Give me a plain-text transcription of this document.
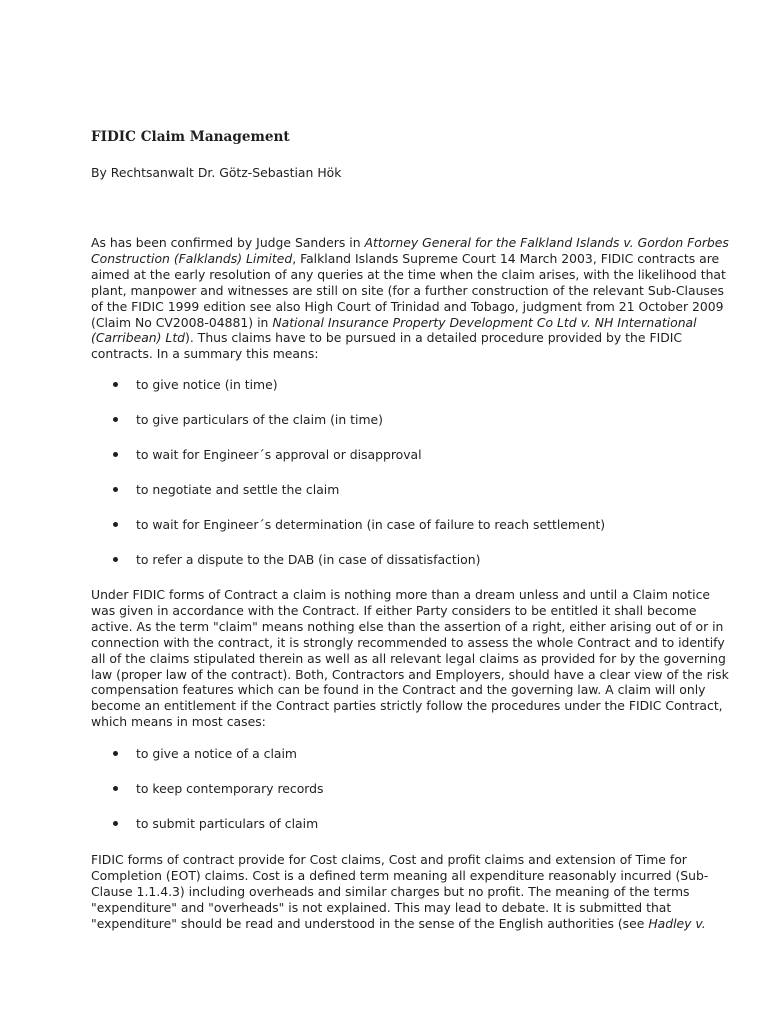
FIDIC Claim Management

By Rechtsanwalt Dr. Götz-Sebastian Hök

As has been confirmed by Judge Sanders in Attorney General for the Falkland Islands v. Gordon Forbes
Construction (Falklands) Limited, Falkland Islands Supreme Court 14 March 2003, FIDIC contracts are
aimed at the early resolution of any queries at the time when the claim arises, with the likelihood that
plant, manpower and witnesses are still on site (for a further construction of the relevant Sub-Clauses
of the FIDIC 1999 edition see also High Court of Trinidad and Tobago, judgment from 21 October 2009
(Claim No CV2008-04881) in National Insurance Property Development Co Ltd v. NH International
(Carribean) Ltd). Thus claims have to be pursued in a detailed procedure provided by the FIDIC
contracts. In a summary this means:

to give notice (in time)
to give particulars of the claim (in time)
to wait for Engineer´s approval or disapproval
to negotiate and settle the claim
to wait for Engineer´s determination (in case of failure to reach settlement)
to refer a dispute to the DAB (in case of dissatisfaction)

Under FIDIC forms of Contract a claim is nothing more than a dream unless and until a Claim notice
was given in accordance with the Contract. If either Party considers to be entitled it shall become
active. As the term "claim" means nothing else than the assertion of a right, either arising out of or in
connection with the contract, it is strongly recommended to assess the whole Contract and to identify
all of the claims stipulated therein as well as all relevant legal claims as provided for by the governing
law (proper law of the contract). Both, Contractors and Employers, should have a clear view of the risk
compensation features which can be found in the Contract and the governing law. A claim will only
become an entitlement if the Contract parties strictly follow the procedures under the FIDIC Contract,
which means in most cases:

to give a notice of a claim
to keep contemporary records
to submit particulars of claim

FIDIC forms of contract provide for Cost claims, Cost and profit claims and extension of Time for
Completion (EOT) claims. Cost is a defined term meaning all expenditure reasonably incurred (Sub-
Clause 1.1.4.3) including overheads and similar charges but no profit. The meaning of the terms
"expenditure" and "overheads" is not explained. This may lead to debate. It is submitted that
"expenditure" should be read and understood in the sense of the English authorities (see Hadley v.
